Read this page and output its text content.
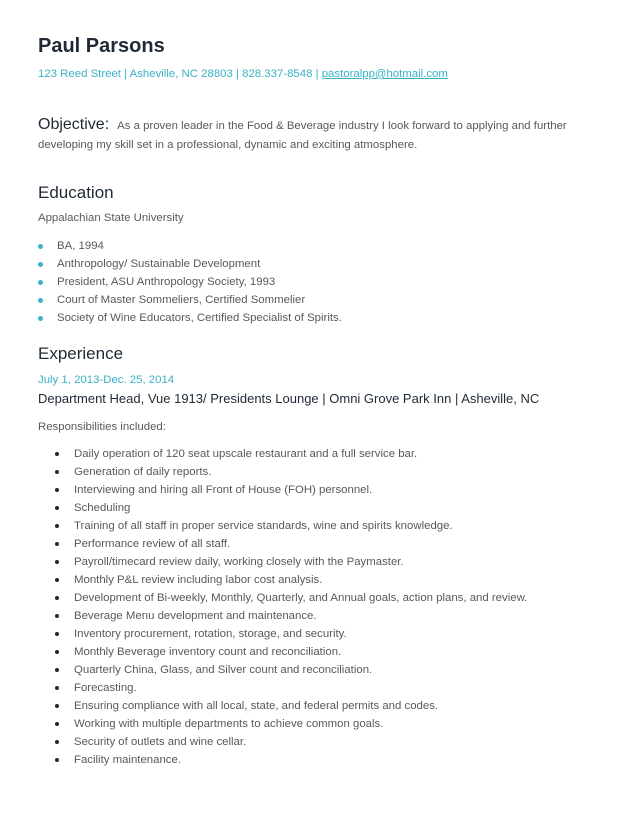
Paul Parsons
123 Reed Street | Asheville, NC 28803 | 828.337-8548 | pastoralpp@hotmail.com
Objective: As a proven leader in the Food & Beverage industry I look forward to applying and further developing my skill set in a professional, dynamic and exciting atmosphere.
Education
Appalachian State University
BA, 1994
Anthropology/ Sustainable Development
President, ASU Anthropology Society, 1993
Court of Master Sommeliers, Certified Sommelier
Society of Wine Educators, Certified Specialist of Spirits.
Experience
July 1, 2013-Dec. 25, 2014
Department Head, Vue 1913/ Presidents Lounge | Omni Grove Park Inn | Asheville, NC
Responsibilities included:
Daily operation of 120 seat upscale restaurant and a full service bar.
Generation of daily reports.
Interviewing and hiring all Front of House (FOH) personnel.
Scheduling
Training of all staff in proper service standards, wine and spirits knowledge.
Performance review of all staff.
Payroll/timecard review daily, working closely with the Paymaster.
Monthly P&L review including labor cost analysis.
Development of Bi-weekly, Monthly, Quarterly, and Annual goals, action plans, and review.
Beverage Menu development and maintenance.
Inventory procurement, rotation, storage, and security.
Monthly Beverage inventory count and reconciliation.
Quarterly China, Glass, and Silver count and reconciliation.
Forecasting.
Ensuring compliance with all local, state, and federal permits and codes.
Working with multiple departments to achieve common goals.
Security of outlets and wine cellar.
Facility maintenance.
